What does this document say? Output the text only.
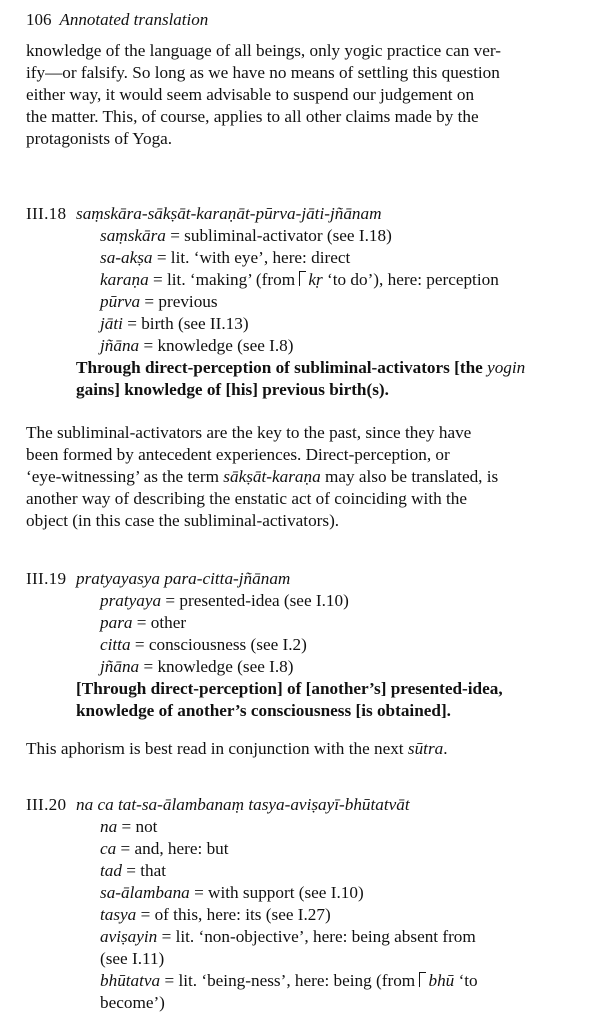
106 Annotated translation
knowledge of the language of all beings, only yogic practice can ver-
ify—or falsify. So long as we have no means of settling this question
either way, it would seem advisable to suspend our judgement on
the matter. This, of course, applies to all other claims made by the
protagonists of Yoga.
III.18 saṃskāra-sākṣāt-karaṇāt-pūrva-jāti-jñānam
saṃskāra = subliminal-activator (see I.18)
sa-akṣa = lit. ‘with eye’, here: direct
karaṇa = lit. ‘making’ (from kṛ ‘to do’), here: perception
pūrva = previous
jāti = birth (see II.13)
jñāna = knowledge (see I.8)
Through direct-perception of subliminal-activators [the yogin
gains] knowledge of [his] previous birth(s).
The subliminal-activators are the key to the past, since they have
been formed by antecedent experiences. Direct-perception, or
‘eye-witnessing’ as the term sākṣāt-karaṇa may also be translated, is
another way of describing the enstatic act of coinciding with the
object (in this case the subliminal-activators).
III.19 pratyayasya para-citta-jñānam
pratyaya = presented-idea (see I.10)
para = other
citta = consciousness (see I.2)
jñāna = knowledge (see I.8)
[Through direct-perception] of [another’s] presented-idea,
knowledge of another’s consciousness [is obtained].
This aphorism is best read in conjunction with the next sūtra.
III.20 na ca tat-sa-ālambanaṃ tasya-aviṣayī-bhūtatvāt
na = not
ca = and, here: but
tad = that
sa-ālambana = with support (see I.10)
tasya = of this, here: its (see I.27)
aviṣayin = lit. ‘non-objective’, here: being absent from
(see I.11)
bhūtatva = lit. ‘being-ness’, here: being (from bhū ‘to
become’)
